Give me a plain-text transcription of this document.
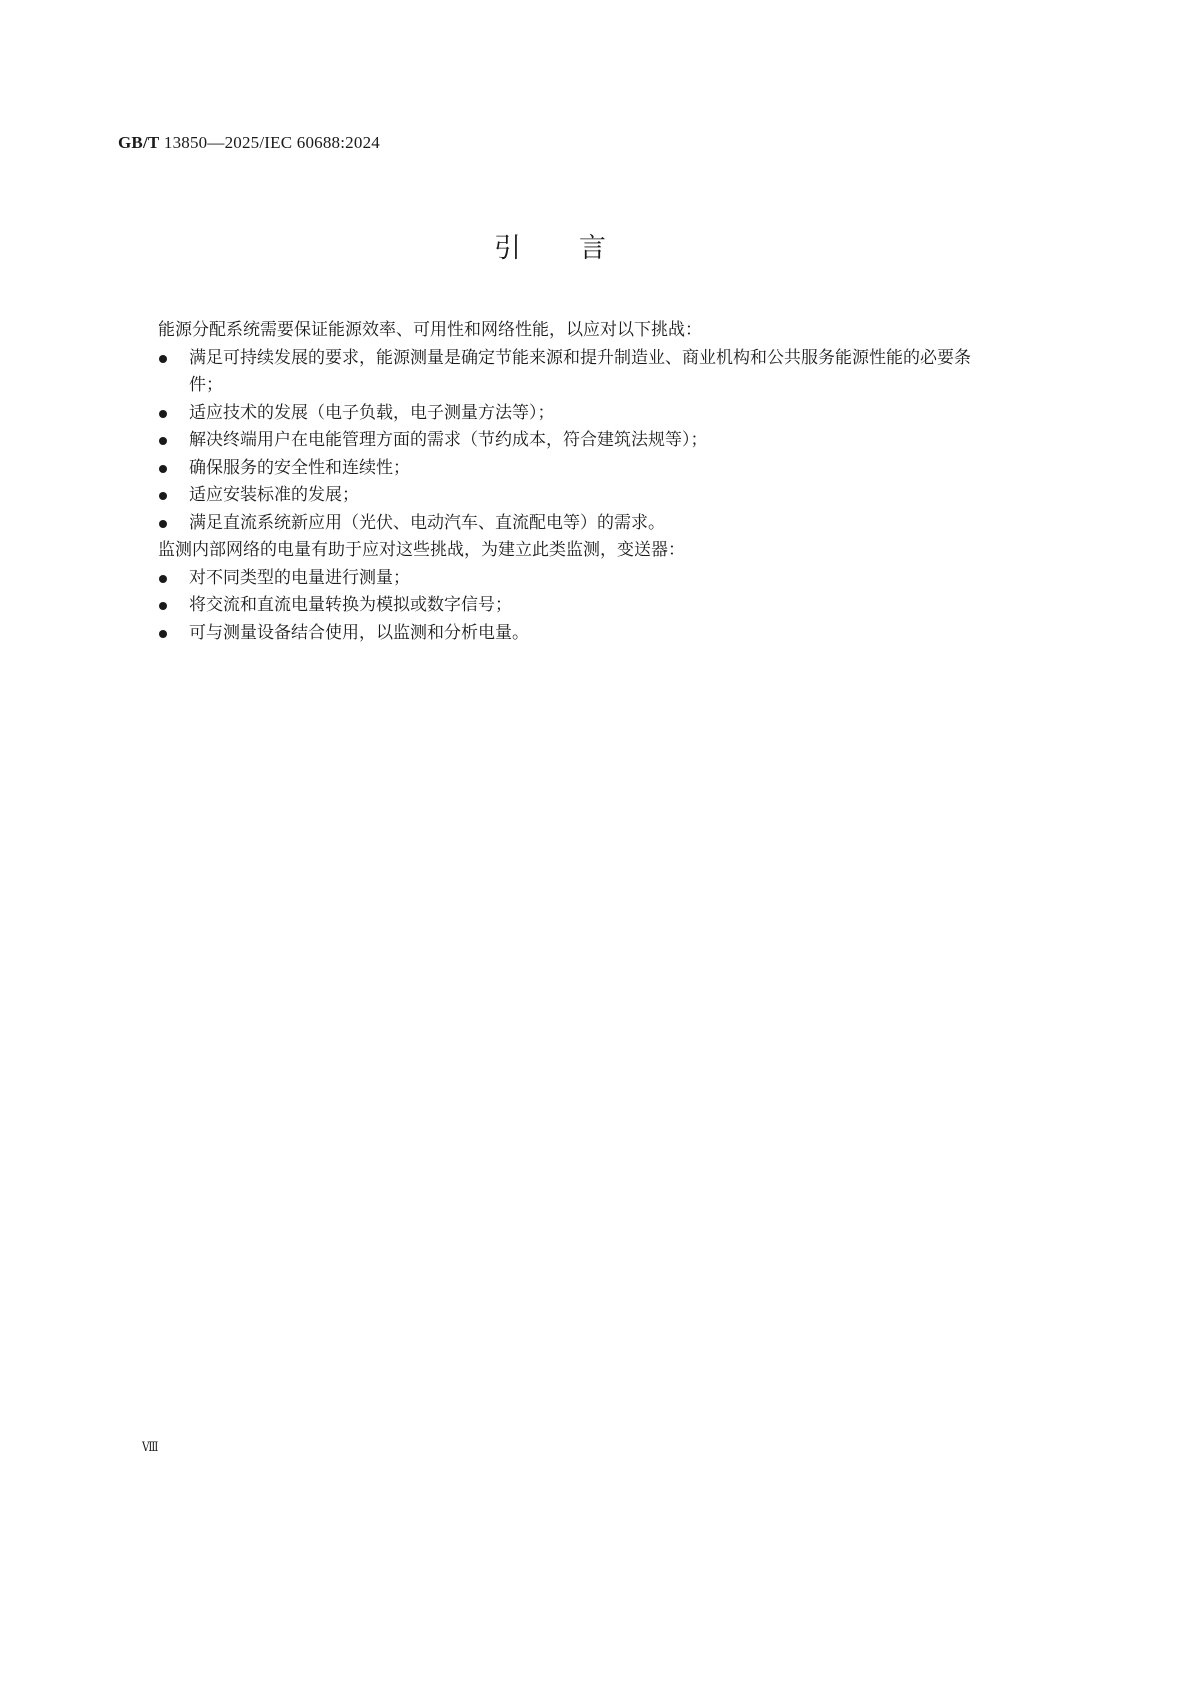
GB/T 13850—2025/IEC 60688:2024
引言

能源分配系统需要保证能源效率、可用性和网络性能，以应对以下挑战：

满足可持续发展的要求，能源测量是确定节能来源和提升制造业、商业机构和公共服务能源性能的必要条件；
适应技术的发展（电子负载，电子测量方法等）；
解决终端用户在电能管理方面的需求（节约成本，符合建筑法规等）；
确保服务的安全性和连续性；
适应安装标准的发展；
满足直流系统新应用（光伏、电动汽车、直流配电等）的需求。

监测内部网络的电量有助于应对这些挑战，为建立此类监测，变送器：

对不同类型的电量进行测量；
将交流和直流电量转换为模拟或数字信号；
可与测量设备结合使用，以监测和分析电量。
Ⅷ
